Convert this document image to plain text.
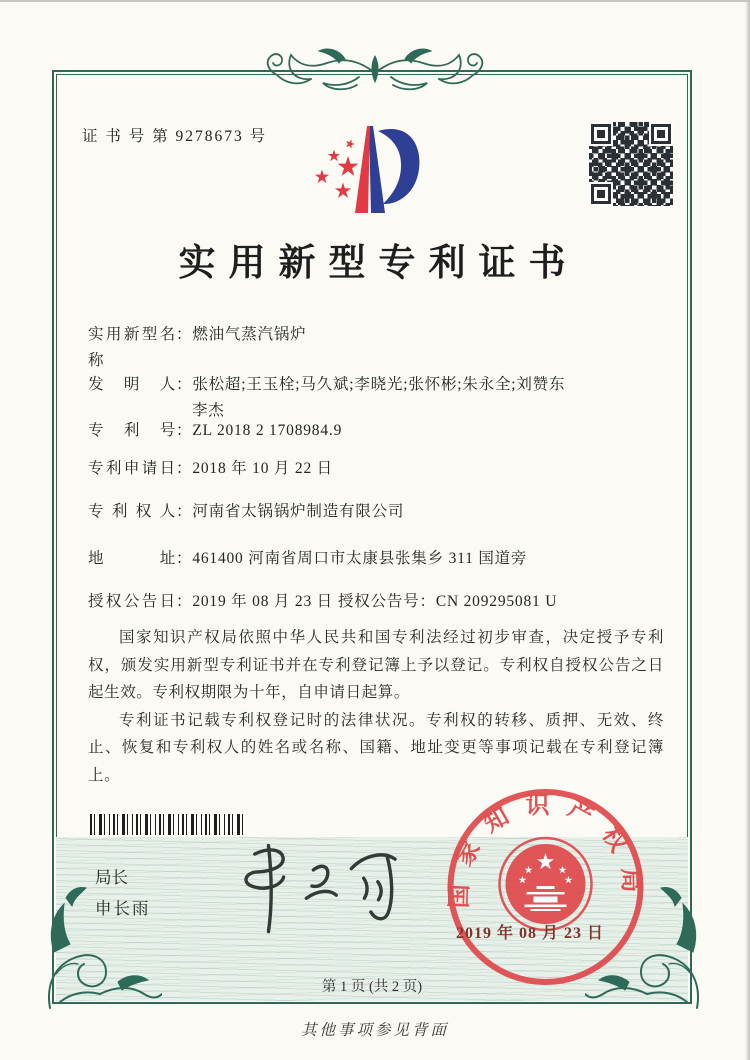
证 书 号 第 9278673 号
实用新型专利证书
实用新型名称：燃油气蒸汽锅炉
发明人：张松超;王玉栓;马久斌;李晓光;张怀彬;朱永全;刘赞东
李杰
专利号：ZL 2018 2 1708984.9
专利申请日：2018 年 10 月 22 日
专利权人：河南省太锅锅炉制造有限公司
地址：461400 河南省周口市太康县张集乡 311 国道旁
授权公告日：2019 年 08 月 23 日 授权公告号：CN 209295081 U

国家知识产权局依照中华人民共和国专利法经过初步审查，决定授予专利权，颁发实用新型专利证书并在专利登记簿上予以登记。专利权自授权公告之日起生效。专利权期限为十年，自申请日起算。

专利证书记载专利权登记时的法律状况。专利权的转移、质押、无效、终止、恢复和专利权人的姓名或名称、国籍、地址变更等事项记载在专利登记簿上。

局长
申长雨
国家知识产权局
2019 年 08 月 23 日
第 1 页 (共 2 页)
其他事项参见背面
